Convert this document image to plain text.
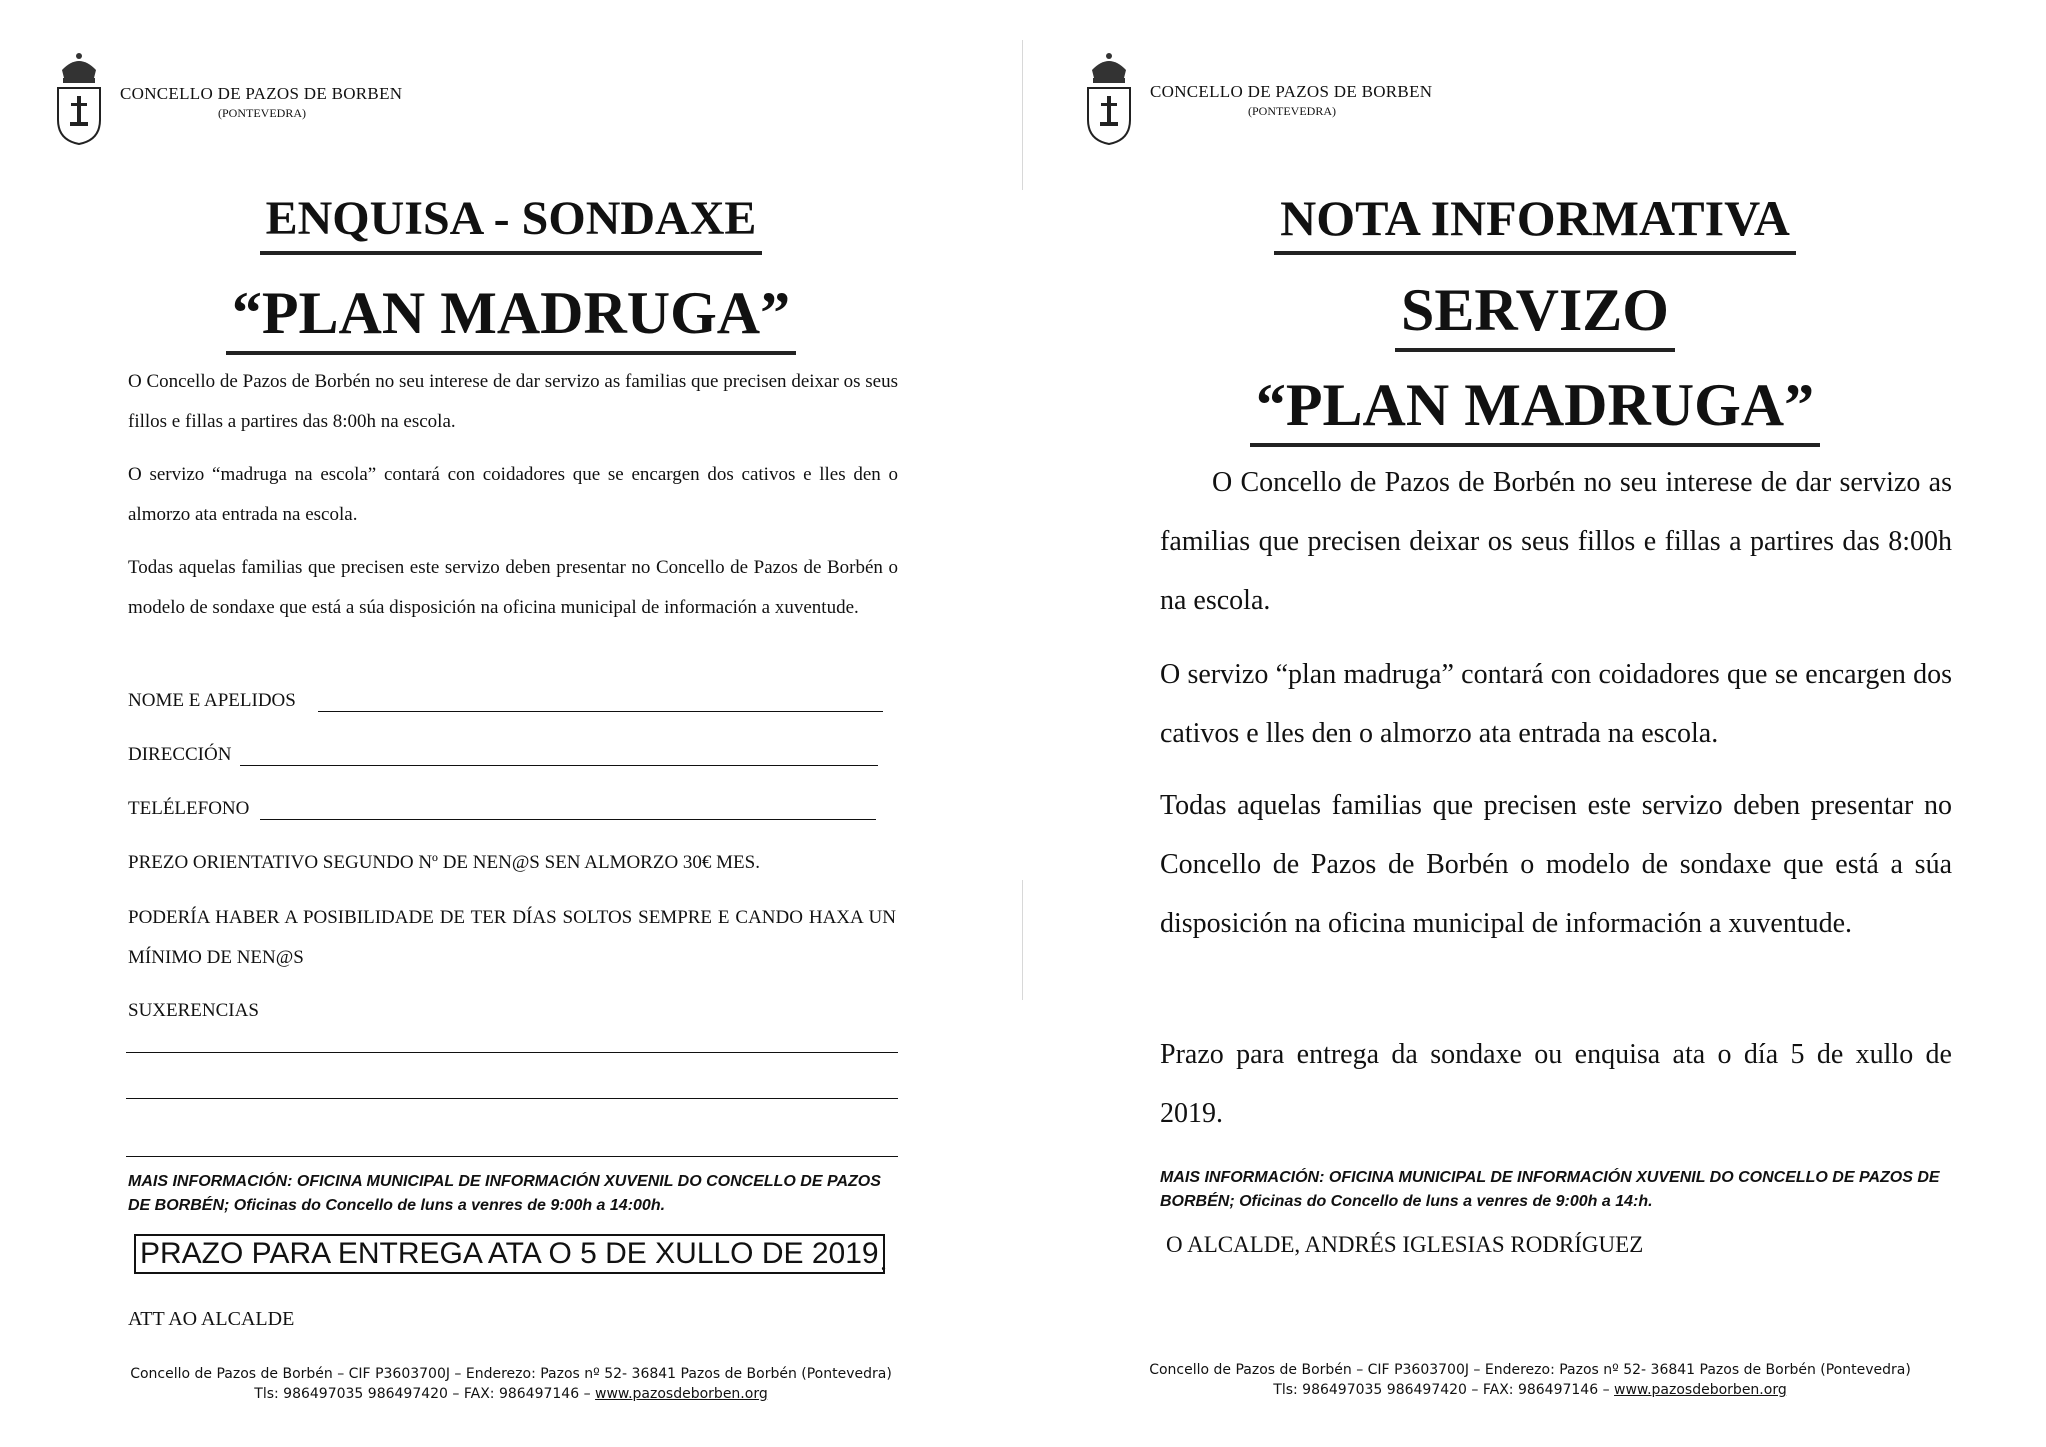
CONCELLO DE PAZOS DE BORBEN
(PONTEVEDRA)
ENQUISA - SONDAXE
“PLAN MADRUGA”

O Concello de Pazos de Borbén no seu interese de dar servizo as familias que precisen deixar os seus fillos e fillas a partires das 8:00h na escola.

O servizo “madruga na escola” contará con coidadores que se encargen dos cativos e lles den o almorzo ata entrada na escola.

Todas aquelas familias que precisen este servizo deben presentar no Concello de Pazos de Borbén o modelo de sondaxe que está a súa disposición na oficina municipal de información a xuventude.

NOME E APELIDOS
DIRECCIÓN
TELÉLEFONO
PREZO ORIENTATIVO SEGUNDO Nº DE NEN@S SEN ALMORZO 30€ MES.

PODERÍA HABER A POSIBILIDADE DE TER DÍAS SOLTOS SEMPRE E CANDO HAXA UN MÍNIMO DE NEN@S

SUXERENCIAS
MAIS INFORMACIÓN: OFICINA MUNICIPAL DE INFORMACIÓN XUVENIL DO CONCELLO DE PAZOS DE BORBÉN; Oficinas do Concello de luns a venres de 9:00h a 14:00h.
PRAZO PARA ENTREGA ATA O 5 DE XULLO DE 2019 .
ATT AO ALCALDE
Concello de Pazos de Borbén – CIF P3603700J – Enderezo: Pazos nº 52- 36841 Pazos de Borbén (Pontevedra)
Tls: 986497035 986497420 – FAX: 986497146 – www.pazosdeborben.org
CONCELLO DE PAZOS DE BORBEN
(PONTEVEDRA)
NOTA INFORMATIVA
SERVIZO
“PLAN MADRUGA”

O Concello de Pazos de Borbén no seu interese de dar servizo as familias que precisen deixar os seus fillos e fillas a partires das 8:00h na escola.

O servizo “plan madruga” contará con coidadores que se encargen dos cativos e lles den o almorzo ata entrada na escola.

Todas aquelas familias que precisen este servizo deben presentar no Concello de Pazos de Borbén o modelo de sondaxe que está a súa disposición na oficina municipal de información a xuventude.

Prazo para entrega da sondaxe ou enquisa ata o día 5 de xullo de 2019.

MAIS INFORMACIÓN: OFICINA MUNICIPAL DE INFORMACIÓN XUVENIL DO CONCELLO DE PAZOS DE BORBÉN; Oficinas do Concello de luns a venres de 9:00h a 14:h.
O ALCALDE, ANDRÉS IGLESIAS RODRÍGUEZ
Concello de Pazos de Borbén – CIF P3603700J – Enderezo: Pazos nº 52- 36841 Pazos de Borbén (Pontevedra)
Tls: 986497035 986497420 – FAX: 986497146 – www.pazosdeborben.org
